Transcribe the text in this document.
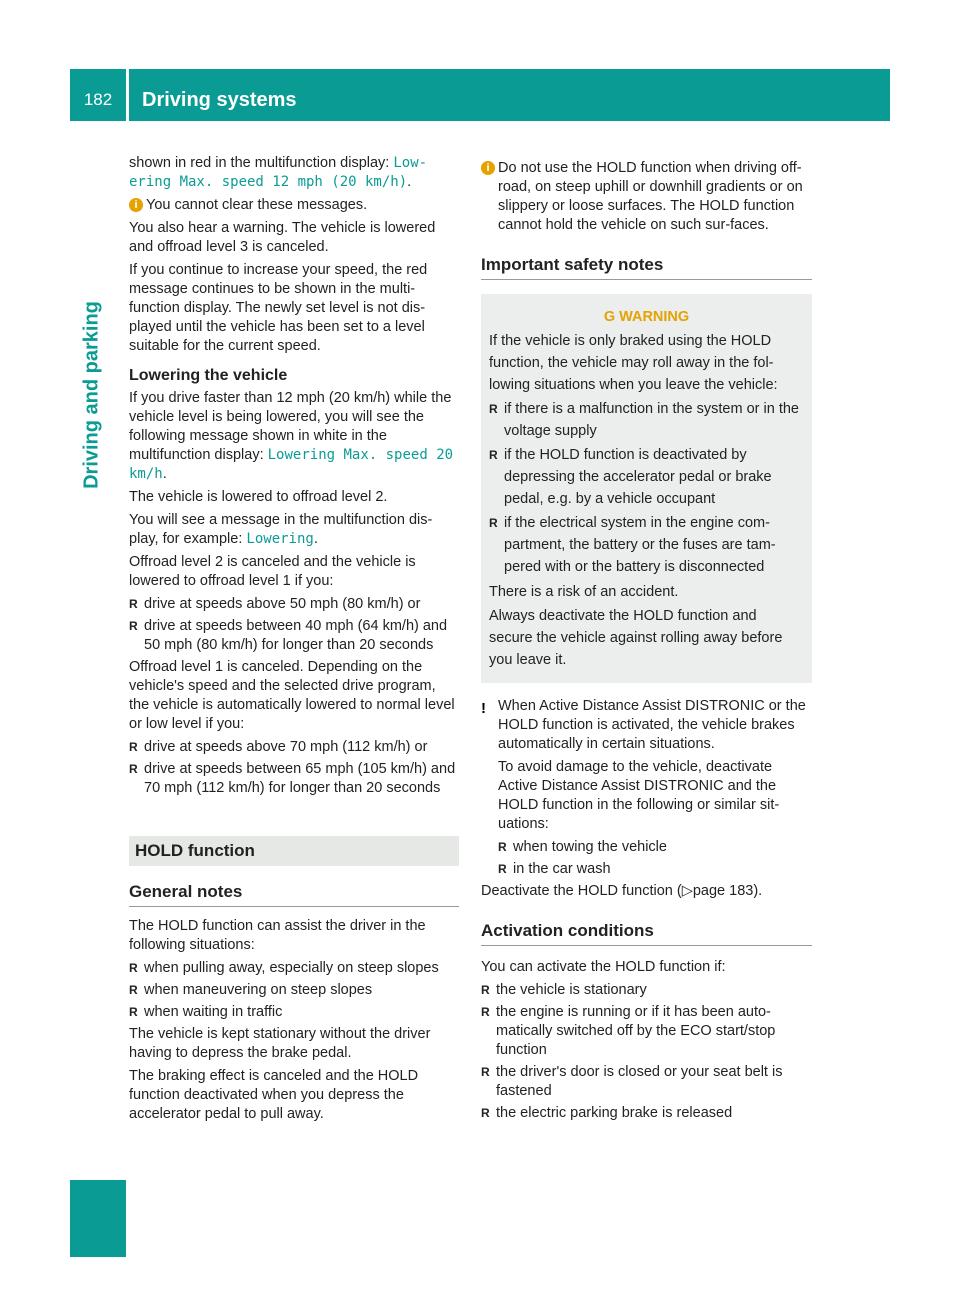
182	Driving systems
Driving and parking

shown in red in the multifunction display: Low‐ering Max. speed 12 mph (20 km/h).

i You cannot clear these messages.

You also hear a warning. The vehicle is lowered and offroad level 3 is canceled.

If you continue to increase your speed, the red message continues to be shown in the multi-function display. The newly set level is not dis-played until the vehicle has been set to a level suitable for the current speed.

Lowering the vehicle

If you drive faster than 12 mph (20 km/h) while the vehicle level is being lowered, you will see the following message shown in white in the multifunction display: Lowering Max. speed 20 km/h.

The vehicle is lowered to offroad level 2.

You will see a message in the multifunction dis-play, for example: Lowering.

Offroad level 2 is canceled and the vehicle is lowered to offroad level 1 if you:

R drive at speeds above 50 mph (80 km/h) or
R drive at speeds between 40 mph (64 km/h) and 50 mph (80 km/h) for longer than 20 seconds

Offroad level 1 is canceled. Depending on the vehicle's speed and the selected drive program, the vehicle is automatically lowered to normal level or low level if you:

R drive at speeds above 70 mph (112 km/h) or
R drive at speeds between 65 mph (105 km/h) and 70 mph (112 km/h) for longer than 20 seconds
HOLD function
General notes

The HOLD function can assist the driver in the following situations:

R when pulling away, especially on steep slopes
R when maneuvering on steep slopes
R when waiting in traffic

The vehicle is kept stationary without the driver having to depress the brake pedal.

The braking effect is canceled and the HOLD function deactivated when you depress the accelerator pedal to pull away.

i Do not use the HOLD function when driving off-road, on steep uphill or downhill gradients or on slippery or loose surfaces. The HOLD function cannot hold the vehicle on such sur-faces.

Important safety notes
G WARNING

If the vehicle is only braked using the HOLD function, the vehicle may roll away in the fol-lowing situations when you leave the vehicle:

R if there is a malfunction in the system or in the voltage supply
R if the HOLD function is deactivated by depressing the accelerator pedal or brake pedal, e.g. by a vehicle occupant
R if the electrical system in the engine com-partment, the battery or the fuses are tam-pered with or the battery is disconnected

There is a risk of an accident.

Always deactivate the HOLD function and secure the vehicle against rolling away before you leave it.

! When Active Distance Assist DISTRONIC or the HOLD function is activated, the vehicle brakes automatically in certain situations.

To avoid damage to the vehicle, deactivate Active Distance Assist DISTRONIC and the HOLD function in the following or similar sit-uations:

R when towing the vehicle
R in the car wash

Deactivate the HOLD function (▷page 183).

Activation conditions

You can activate the HOLD function if:

R the vehicle is stationary
R the engine is running or if it has been auto-matically switched off by the ECO start/stop function
R the driver's door is closed or your seat belt is fastened
R the electric parking brake is released
